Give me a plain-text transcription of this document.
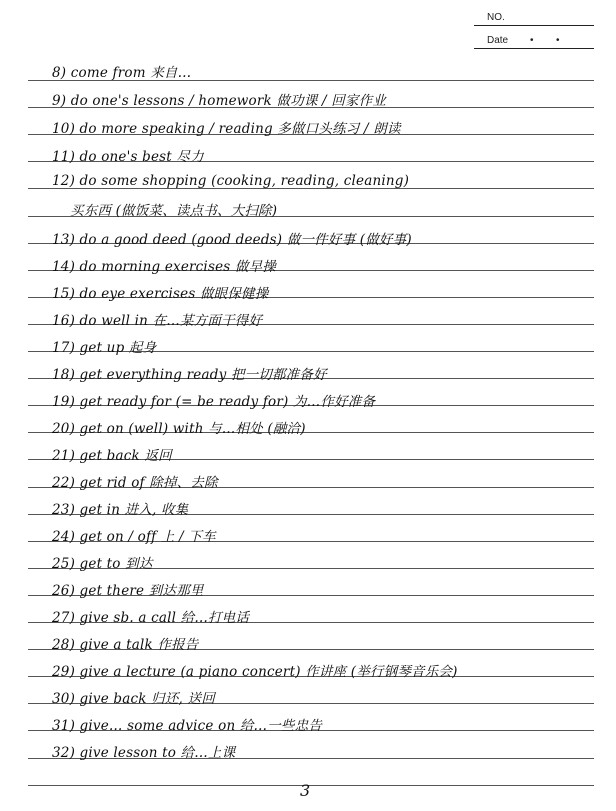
NO.
Date • •
8) come from 来自…
9) do one's lessons / homework 做功课 / 回家作业
10) do more speaking / reading 多做口头练习 / 朗读
11) do one's best 尽力
12) do some shopping (cooking, reading, cleaning)
买东西 (做饭菜、读点书、大扫除)
13) do a good deed (good deeds) 做一件好事 (做好事)
14) do morning exercises 做早操
15) do eye exercises 做眼保健操
16) do well in 在…某方面干得好
17) get up 起身
18) get everything ready 把一切都准备好
19) get ready for (= be ready for) 为…作好准备
20) get on (well) with 与…相处 (融洽)
21) get back 返回
22) get rid of 除掉、去除
23) get in 进入, 收集
24) get on / off 上 / 下车
25) get to 到达
26) get there 到达那里
27) give sb. a call 给…打电话
28) give a talk 作报告
29) give a lecture (a piano concert) 作讲座 (举行钢琴音乐会)
30) give back 归还, 送回
31) give… some advice on 给…一些忠告
32) give lesson to 给…上课
3
